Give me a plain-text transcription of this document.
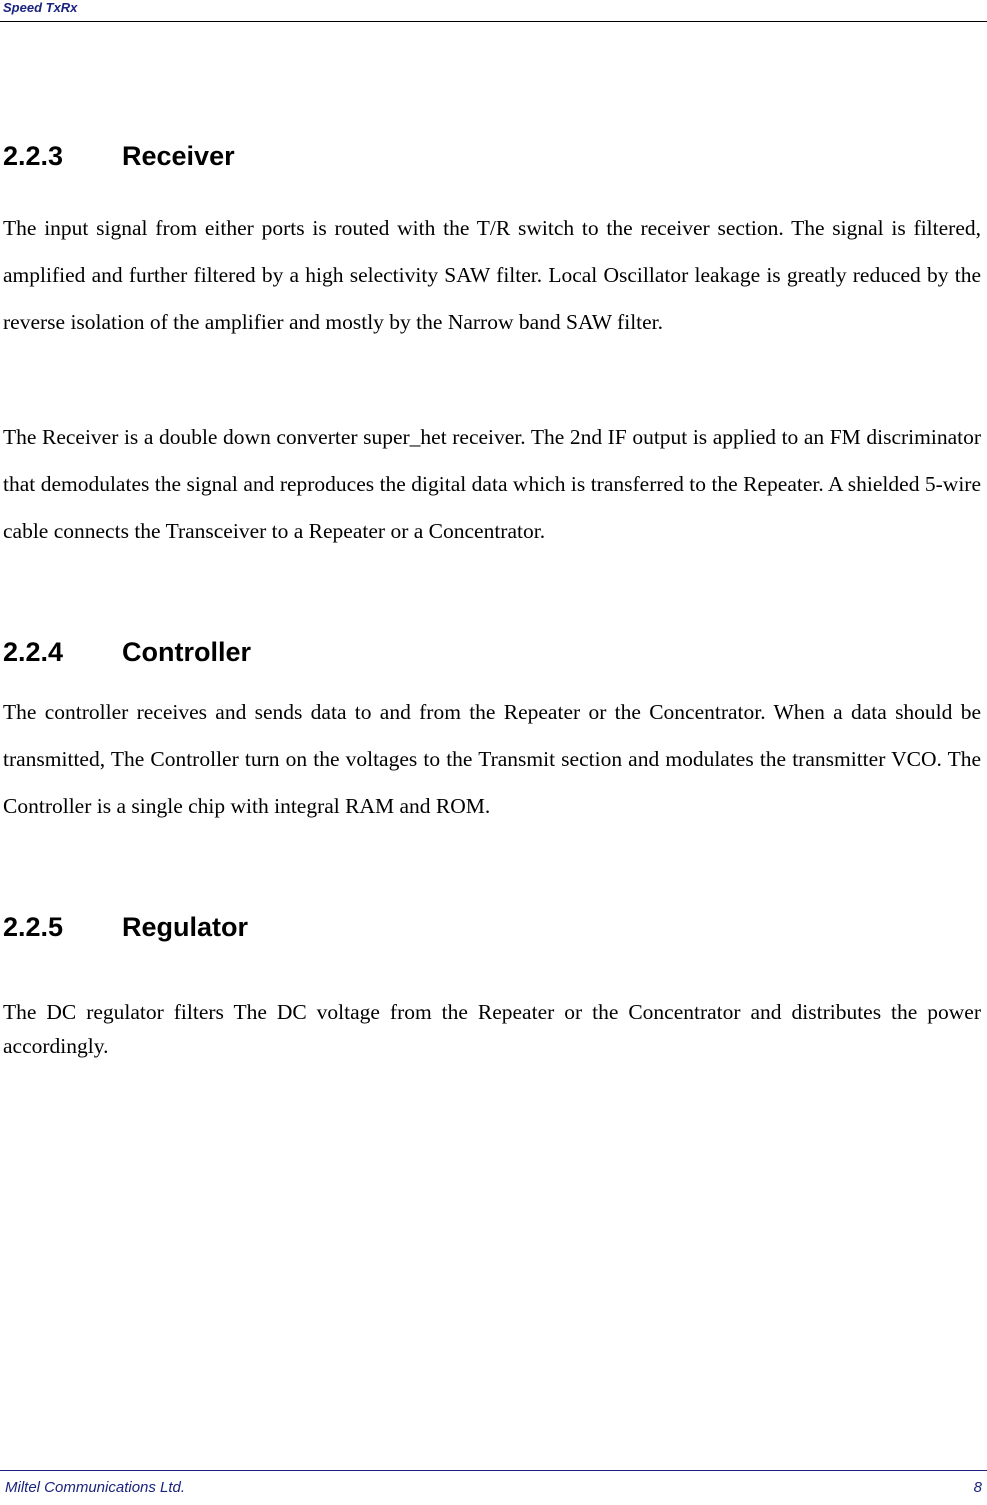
Speed TxRx
2.2.3 Receiver
The input signal from either ports is routed with the T/R switch to the receiver section. The signal is filtered, amplified and further filtered by a high selectivity SAW filter. Local Oscillator leakage is greatly reduced by the reverse isolation of the amplifier and mostly by the Narrow band SAW filter.
The Receiver is a double down converter super_het receiver. The 2nd IF output is applied to an FM discriminator that demodulates the signal and reproduces the digital data which is transferred to the Repeater. A shielded 5-wire cable connects the Transceiver to a Repeater or a Concentrator.
2.2.4 Controller
The controller receives and sends data to and from the Repeater or the Concentrator. When a data should be transmitted, The Controller turn on the voltages to the Transmit section and modulates the transmitter VCO. The Controller is a single chip with integral RAM and ROM.
2.2.5 Regulator
The DC regulator filters The DC voltage from the Repeater or the Concentrator and distributes the power accordingly.
Miltel Communications Ltd.	8
